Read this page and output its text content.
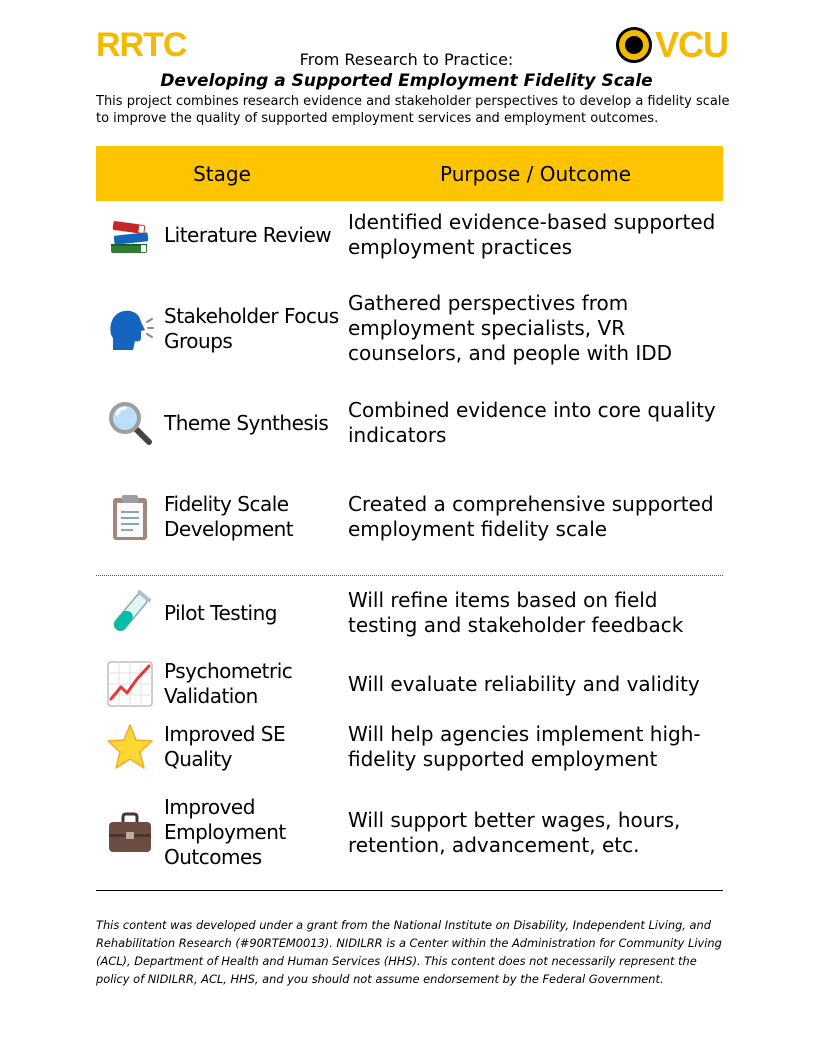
RRTC	VCU
From Research to Practice:
Developing a Supported Employment Fidelity Scale
This project combines research evidence and stakeholder perspectives to develop a fidelity scale to improve the quality of supported employment services and employment outcomes.
Stage	Purpose / Outcome
Literature Review
Identified evidence-based supported employment practices
Stakeholder Focus Groups
Gathered perspectives from employment specialists, VR counselors, and people with IDD
Theme Synthesis
Combined evidence into core quality indicators
Fidelity Scale Development
Created a comprehensive supported employment fidelity scale
Pilot Testing
Will refine items based on field testing and stakeholder feedback
Psychometric Validation
Will evaluate reliability and validity
Improved SE Quality
Will help agencies implement high-fidelity supported employment
Improved Employment Outcomes
Will support better wages, hours, retention, advancement, etc.
This content was developed under a grant from the National Institute on Disability, Independent Living, and Rehabilitation Research (#90RTEM0013). NIDILRR is a Center within the Administration for Community Living (ACL), Department of Health and Human Services (HHS). This content does not necessarily represent the policy of NIDILRR, ACL, HHS, and you should not assume endorsement by the Federal Government.
